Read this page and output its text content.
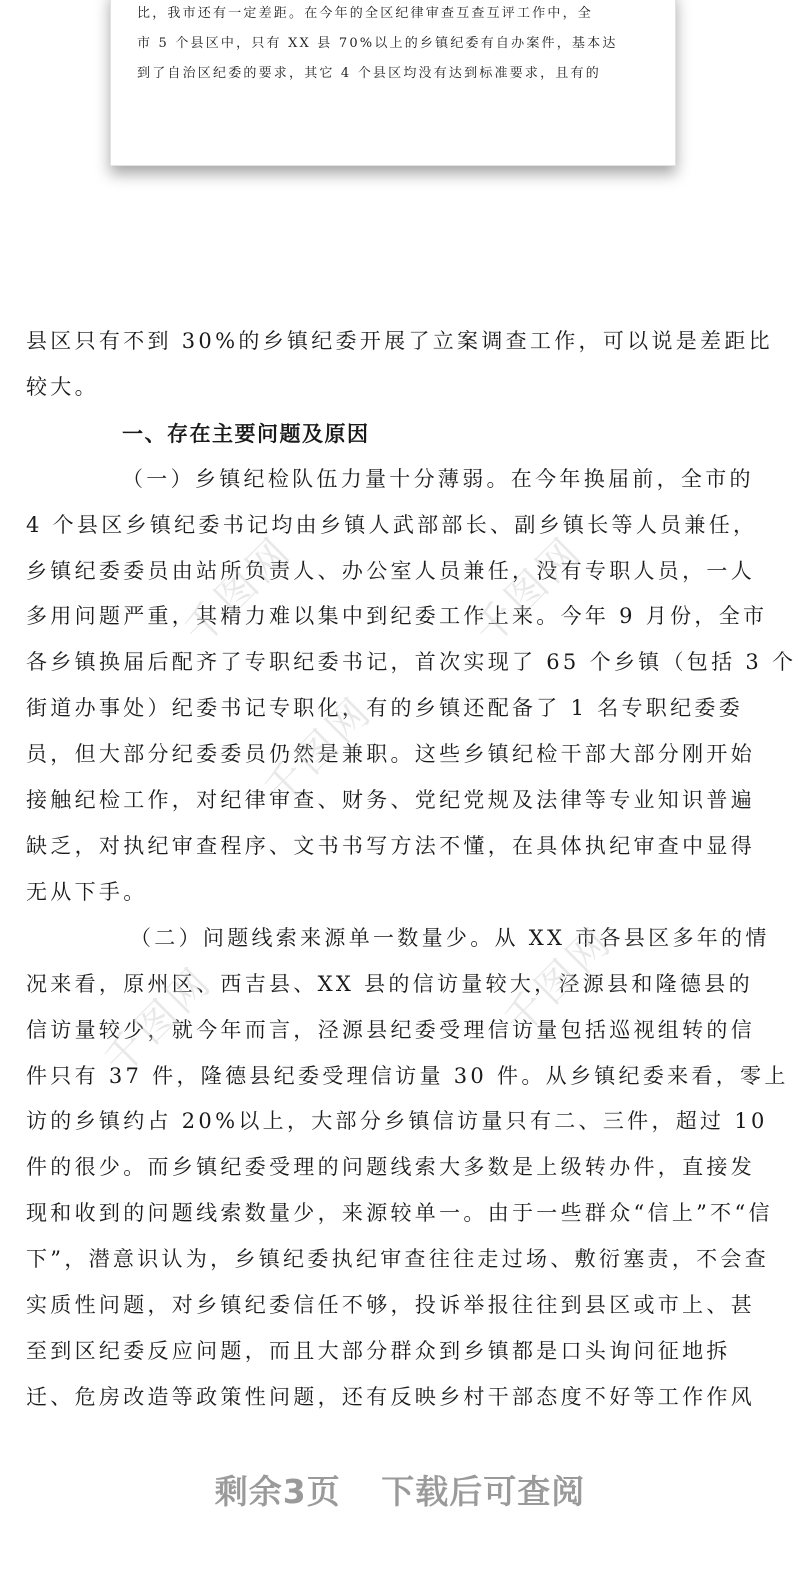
比，我市还有一定差距。在今年的全区纪律审查互查互评工作中，全

市 5 个县区中，只有 XX 县 70%以上的乡镇纪委有自办案件，基本达

到了自治区纪委的要求，其它 4 个县区均没有达到标准要求，且有的

县区只有不到 30%的乡镇纪委开展了立案调查工作，可以说是差距比

较大。

一、存在主要问题及原因

（一）乡镇纪检队伍力量十分薄弱。在今年换届前，全市的

4 个县区乡镇纪委书记均由乡镇人武部部长、副乡镇长等人员兼任，

乡镇纪委委员由站所负责人、办公室人员兼任，没有专职人员，一人

多用问题严重，其精力难以集中到纪委工作上来。今年 9 月份，全市

各乡镇换届后配齐了专职纪委书记，首次实现了 65 个乡镇（包括 3 个

街道办事处）纪委书记专职化，有的乡镇还配备了 1 名专职纪委委

员，但大部分纪委委员仍然是兼职。这些乡镇纪检干部大部分刚开始

接触纪检工作，对纪律审查、财务、党纪党规及法律等专业知识普遍

缺乏，对执纪审查程序、文书书写方法不懂，在具体执纪审查中显得

无从下手。

（二）问题线索来源单一数量少。从 XX 市各县区多年的情

况来看，原州区、西吉县、XX 县的信访量较大，泾源县和隆德县的

信访量较少，就今年而言，泾源县纪委受理信访量包括巡视组转的信

件只有 37 件，隆德县纪委受理信访量 30 件。从乡镇纪委来看，零上

访的乡镇约占 20%以上，大部分乡镇信访量只有二、三件，超过 10

件的很少。而乡镇纪委受理的问题线索大多数是上级转办件，直接发

现和收到的问题线索数量少，来源较单一。由于一些群众“信上”不“信

下”，潜意识认为，乡镇纪委执纪审查往往走过场、敷衍塞责，不会查

实质性问题，对乡镇纪委信任不够，投诉举报往往到县区或市上、甚

至到区纪委反应问题，而且大部分群众到乡镇都是口头询问征地拆

迁、危房改造等政策性问题，还有反映乡村干部态度不好等工作作风

千图网	千图网
千图网
千图网	千图网
剩余3页 下载后可查阅
